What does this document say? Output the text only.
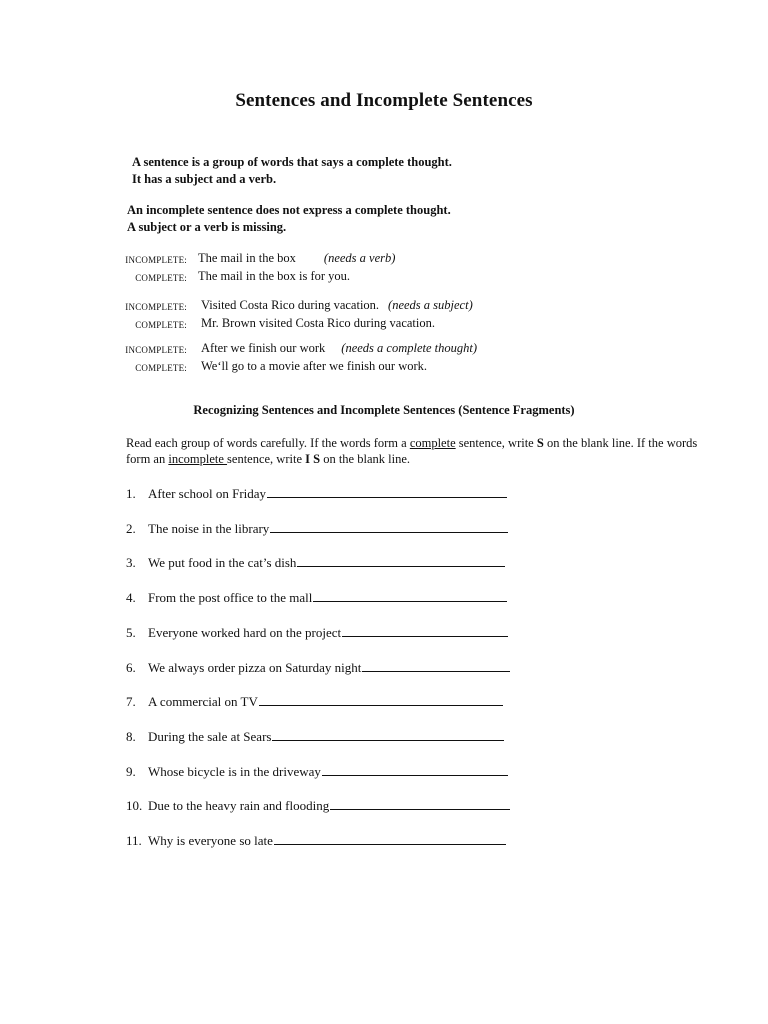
Sentences and Incomplete Sentences
A sentence is a group of words that says a complete thought.
It has a subject and a verb.
An incomplete sentence does not express a complete thought.
A subject or a verb is missing.
INCOMPLETE: The mail in the box (needs a verb)
COMPLETE: The mail in the box is for you.
INCOMPLETE:	Visited Costa Rico during vacation. (needs a subject)
COMPLETE:	Mr. Brown visited Costa Rico during vacation.
INCOMPLETE:	After we finish our work (needs a complete thought)
COMPLETE:	We‘ll go to a movie after we finish our work.
Recognizing Sentences and Incomplete Sentences (Sentence Fragments)
Read each group of words carefully. If the words form a complete sentence, write S on the blank line. If the words
form an incomplete sentence, write I S on the blank line.
1. After school on Friday
2. The noise in the library
3. We put food in the cat’s dish
4. From the post office to the mall
5. Everyone worked hard on the project
6. We always order pizza on Saturday night
7. A commercial on TV
8. During the sale at Sears
9. Whose bicycle is in the driveway
10. Due to the heavy rain and flooding
11. Why is everyone so late
